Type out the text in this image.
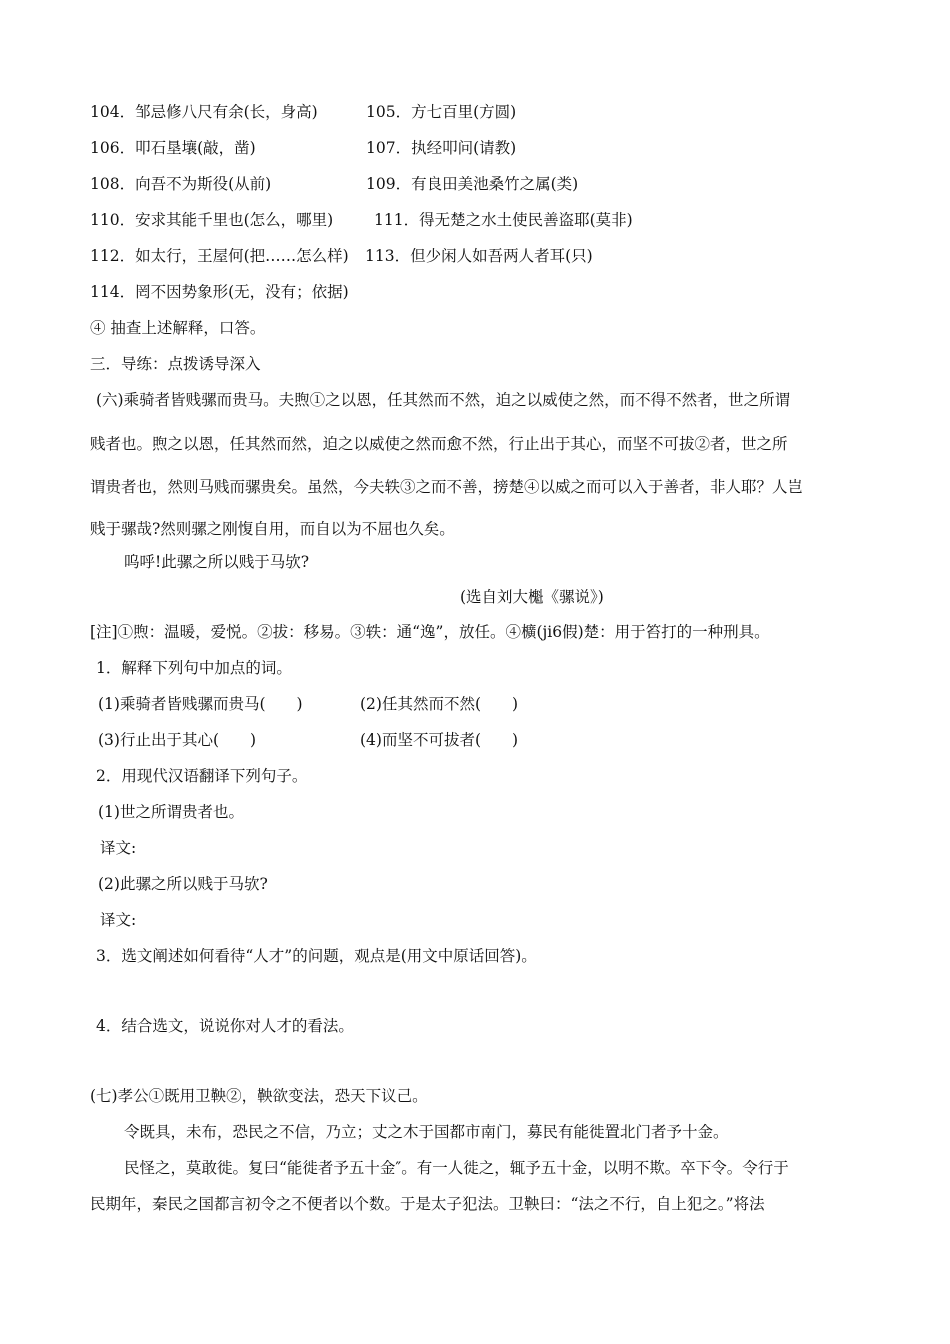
104．邹忌修八尺有余(长，身高)	105．方七百里(方圆)
106．叩石垦壤(敲，凿)	107．执经叩问(请教)
108．向吾不为斯役(从前)	109．有良田美池桑竹之属(类)
110．安求其能千里也(怎么，哪里)	111．得无楚之水土使民善盗耶(莫非)
112．如太行，王屋何(把……怎么样) 113．但少闲人如吾两人者耳(只)
114．罔不因势象形(无，没有；依据)
④ 抽查上述解释，口答。
三．导练：点拨诱导深入
(六)乘骑者皆贱骡而贵马。夫煦①之以恩，任其然而不然，迫之以威使之然，而不得不然者，世之所谓
贱者也。煦之以恩，任其然而然，迫之以威使之然而愈不然，行止出于其心，而坚不可拔②者，世之所
谓贵者也，然则马贱而骡贵矣。虽然，今夫轶③之而不善，搒楚④以威之而可以入于善者，非人耶？人岂
贱于骡哉?然则骡之刚愎自用，而自以为不屈也久矣。
呜呼!此骡之所以贱于马欤?
(选自刘大櫆《骡说》)
[注]①煦：温暖，爱悦。②拔：移易。③轶：通“逸”，放任。④櫎(ji6假)楚：用于笞打的一种刑具。
1．解释下列句中加点的词。
(1)乘骑者皆贱骡而贵马(　　)	(2)任其然而不然(　　)
(3)行止出于其心(　　)	(4)而坚不可拔者(　　)
2．用现代汉语翻译下列句子。
(1)世之所谓贵者也。
译文:
(2)此骡之所以贱于马欤?
译文:
3．选文阐述如何看待“人才”的问题，观点是(用文中原话回答)。
4．结合选文，说说你对人才的看法。
(七)孝公①既用卫鞅②，鞅欲变法，恐天下议己。
令既具，未布，恐民之不信，乃立；丈之木于国都市南门，募民有能徙置北门者予十金。
民怪之，莫敢徙。复曰“能徙者予五十金″。有一人徙之，辄予五十金，以明不欺。卒下令。令行于
民期年，秦民之国都言初令之不便者以个数。于是太子犯法。卫鞅曰：“法之不行，自上犯之。”将法
